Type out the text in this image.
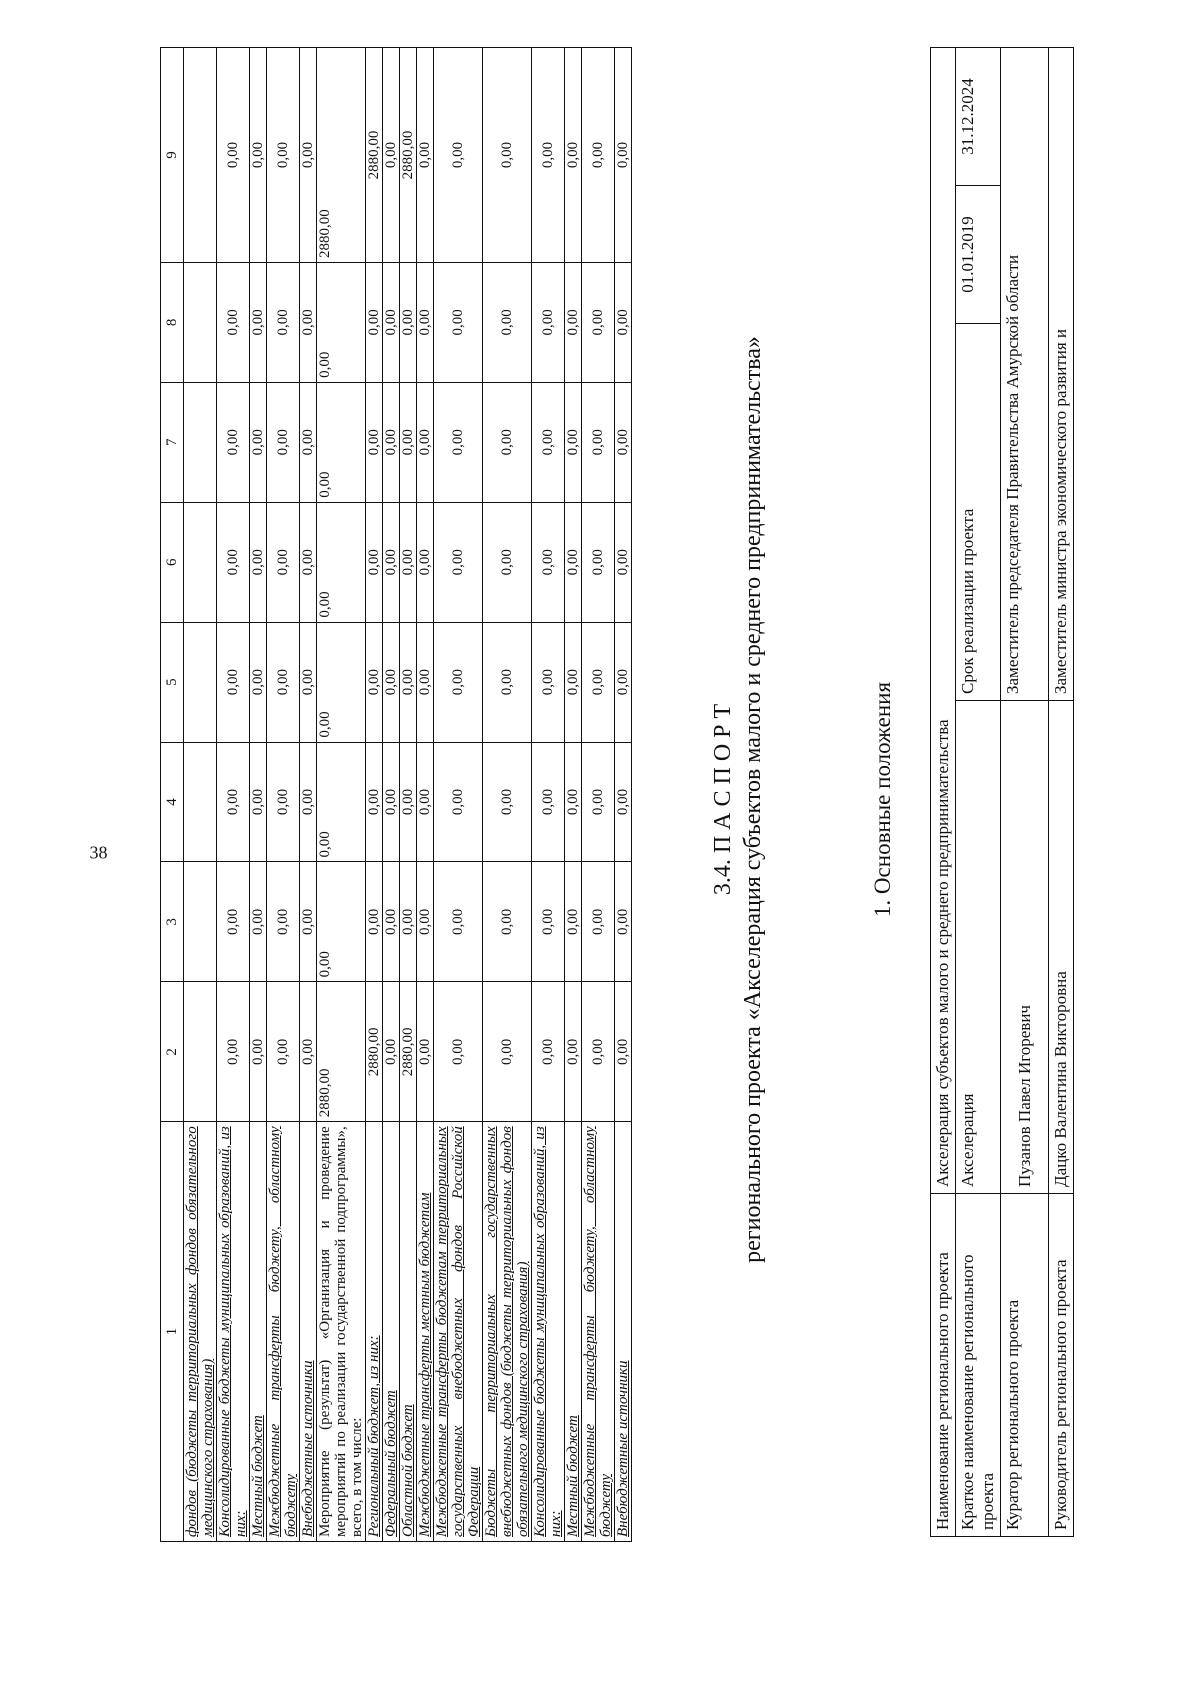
38
1	2	3	4	5	6	7	8	9
фондов (бюджеты территориальных фондов обязательного медицинского страхования)								
Консолидированные бюджеты муниципальных образований, из них:	0,00	0,00	0,00	0,00	0,00	0,00	0,00	0,00
Местный бюджет	0,00	0,00	0,00	0,00	0,00	0,00	0,00	0,00
Межбюджетные трансферты бюджету, областному бюджету	0,00	0,00	0,00	0,00	0,00	0,00	0,00	0,00
Внебюджетные источники	0,00	0,00	0,00	0,00	0,00	0,00	0,00	0,00
Мероприятие (результат) «Организация и проведение мероприятий по реализации государственной подпрограммы», всего, в том числе:	2880,00	0,00	0,00	0,00	0,00	0,00	0,00	2880,00
Региональный бюджет, из них:	2880,00	0,00	0,00	0,00	0,00	0,00	0,00	2880,00
Федеральный бюджет	0,00	0,00	0,00	0,00	0,00	0,00	0,00	0,00
Областной бюджет	2880,00	0,00	0,00	0,00	0,00	0,00	0,00	2880,00
Межбюджетные трансферты местным бюджетам	0,00	0,00	0,00	0,00	0,00	0,00	0,00	0,00
Межбюджетные трансферты бюджетам территориальных государственных внебюджетных фондов Российской Федерации	0,00	0,00	0,00	0,00	0,00	0,00	0,00	0,00
Бюджеты территориальных государственных внебюджетных фондов (бюджеты территориальных фондов обязательного медицинского страхования)	0,00	0,00	0,00	0,00	0,00	0,00	0,00	0,00
Консолидированные бюджеты муниципальных образований, из них:	0,00	0,00	0,00	0,00	0,00	0,00	0,00	0,00
Местный бюджет	0,00	0,00	0,00	0,00	0,00	0,00	0,00	0,00
Межбюджетные трансферты бюджету, областному бюджету	0,00	0,00	0,00	0,00	0,00	0,00	0,00	0,00
Внебюджетные источники	0,00	0,00	0,00	0,00	0,00	0,00	0,00	0,00
3.4. П А С П О Р Т регионального проекта «Акселерация субъектов малого и среднего предпринимательства»	1. Основные положения
Наименование регионального проекта	Акселерация субъектов малого и среднего предпринимательства			
Краткое наименование регионального проекта	Акселерация	Срок реализации проекта	01.01.2019	31.12.2024
Куратор регионального проекта	Пузанов Павел Игоревич	Заместитель председателя Правительства Амурской области		
Руководитель регионального проекта	Дацко Валентина Викторовна	Заместитель министра экономического развития и		
